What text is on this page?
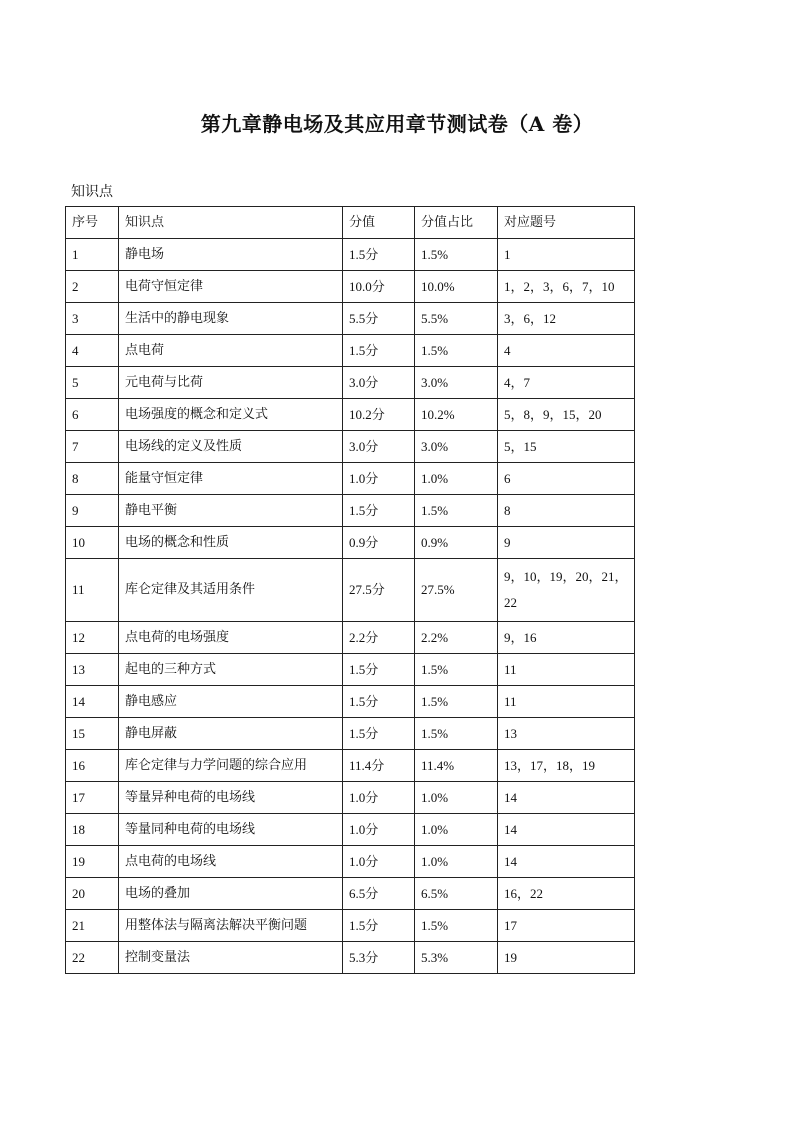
第九章静电场及其应用章节测试卷（A 卷）
知识点
序号	知识点	分值	分值占比	对应题号
1	静电场	1.5分	1.5%	1
2	电荷守恒定律	10.0分	10.0%	1，2，3，6，7，10
3	生活中的静电现象	5.5分	5.5%	3，6，12
4	点电荷	1.5分	1.5%	4
5	元电荷与比荷	3.0分	3.0%	4，7
6	电场强度的概念和定义式	10.2分	10.2%	5，8，9，15，20
7	电场线的定义及性质	3.0分	3.0%	5，15
8	能量守恒定律	1.0分	1.0%	6
9	静电平衡	1.5分	1.5%	8
10	电场的概念和性质	0.9分	0.9%	9
11	库仑定律及其适用条件	27.5分	27.5%	9，10，19，20，21，22
12	点电荷的电场强度	2.2分	2.2%	9，16
13	起电的三种方式	1.5分	1.5%	11
14	静电感应	1.5分	1.5%	11
15	静电屏蔽	1.5分	1.5%	13
16	库仑定律与力学问题的综合应用	11.4分	11.4%	13，17，18，19
17	等量异种电荷的电场线	1.0分	1.0%	14
18	等量同种电荷的电场线	1.0分	1.0%	14
19	点电荷的电场线	1.0分	1.0%	14
20	电场的叠加	6.5分	6.5%	16，22
21	用整体法与隔离法解决平衡问题	1.5分	1.5%	17
22	控制变量法	5.3分	5.3%	19
